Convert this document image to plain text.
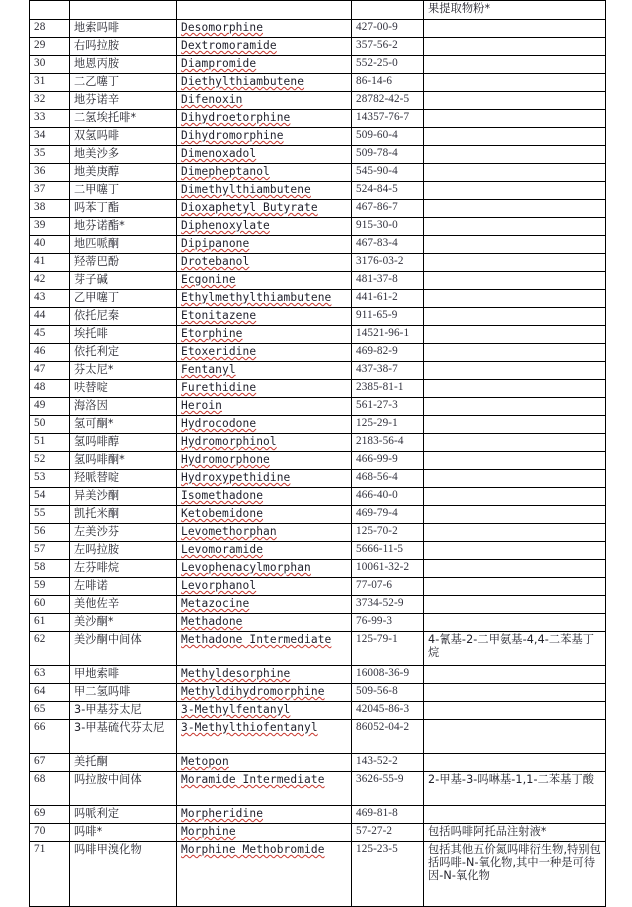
				果提取物粉*
28	地索吗啡	Desomorphine	427-00-9	
29	右吗拉胺	Dextromoramide	357-56-2	
30	地恩丙胺	Diampromide	552-25-0	
31	二乙噻丁	Diethylthiambutene	86-14-6	
32	地芬诺辛	Difenoxin	28782-42-5	
33	二氢埃托啡*	Dihydroetorphine	14357-76-7	
34	双氢吗啡	Dihydromorphine	509-60-4	
35	地美沙多	Dimenoxadol	509-78-4	
36	地美庚醇	Dimepheptanol	545-90-4	
37	二甲噻丁	Dimethylthiambutene	524-84-5	
38	吗苯丁酯	Dioxaphetyl Butyrate	467-86-7	
39	地芬诺酯*	Diphenoxylate	915-30-0	
40	地匹哌酮	Dipipanone	467-83-4	
41	羟蒂巴酚	Drotebanol	3176-03-2	
42	芽子碱	Ecgonine	481-37-8	
43	乙甲噻丁	Ethylmethylthiambutene	441-61-2	
44	依托尼秦	Etonitazene	911-65-9	
45	埃托啡	Etorphine	14521-96-1	
46	依托利定	Etoxeridine	469-82-9	
47	芬太尼*	Fentanyl	437-38-7	
48	呋替啶	Furethidine	2385-81-1	
49	海洛因	Heroin	561-27-3	
50	氢可酮*	Hydrocodone	125-29-1	
51	氢吗啡醇	Hydromorphinol	2183-56-4	
52	氢吗啡酮*	Hydromorphone	466-99-9	
53	羟哌替啶	Hydroxypethidine	468-56-4	
54	异美沙酮	Isomethadone	466-40-0	
55	凯托米酮	Ketobemidone	469-79-4	
56	左美沙芬	Levomethorphan	125-70-2	
57	左吗拉胺	Levomoramide	5666-11-5	
58	左芬啡烷	Levophenacylmorphan	10061-32-2	
59	左啡诺	Levorphanol	77-07-6	
60	美他佐辛	Metazocine	3734-52-9	
61	美沙酮*	Methadone	76-99-3	
62	美沙酮中间体	Methadone Intermediate	125-79-1	4-氰基-2-二甲氨基-4,4-二苯基丁烷
63	甲地索啡	Methyldesorphine	16008-36-9	
64	甲二氢吗啡	Methyldihydromorphine	509-56-8	
65	3-甲基芬太尼	3-Methylfentanyl	42045-86-3	
66	3-甲基硫代芬太尼	3-Methylthiofentanyl	86052-04-2	
67	美托酮	Metopon	143-52-2	
68	吗拉胺中间体	Moramide Intermediate	3626-55-9	2-甲基-3-吗啉基-1,1-二苯基丁酸
69	吗哌利定	Morpheridine	469-81-8	
70	吗啡*	Morphine	57-27-2	包括吗啡阿托品注射液*
71	吗啡甲溴化物	Morphine Methobromide	125-23-5	包括其他五价氮吗啡衍生物,特别包括吗啡-N-氧化物,其中一种是可待因-N-氧化物
